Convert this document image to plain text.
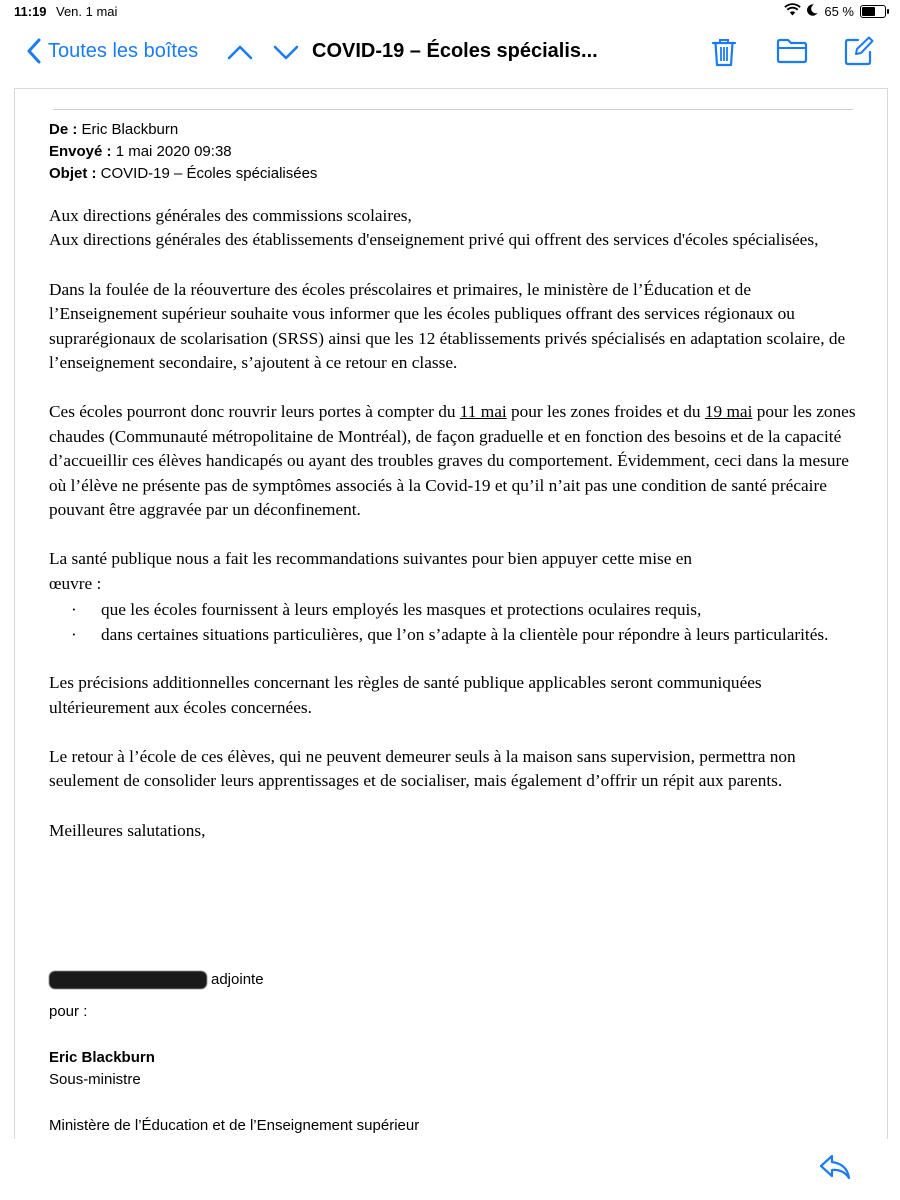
11:19 Ven. 1 mai	65 %
Toutes les boîtes	COVID-19 – Écoles spécialis...
De : Eric Blackburn
Envoyé : 1 mai 2020 09:38
Objet : COVID-19 – Écoles spécialisées

Aux directions générales des commissions scolaires,
Aux directions générales des établissements d'enseignement privé qui offrent des services d'écoles spécialisées,

Dans la foulée de la réouverture des écoles préscolaires et primaires, le ministère de l’Éducation et de l’Enseignement supérieur souhaite vous informer que les écoles publiques offrant des services régionaux ou suprarégionaux de scolarisation (SRSS) ainsi que les 12 établissements privés spécialisés en adaptation scolaire, de l’enseignement secondaire, s’ajoutent à ce retour en classe.

Ces écoles pourront donc rouvrir leurs portes à compter du 11 mai pour les zones froides et du 19 mai pour les zones chaudes (Communauté métropolitaine de Montréal), de façon graduelle et en fonction des besoins et de la capacité d’accueillir ces élèves handicapés ou ayant des troubles graves du comportement. Évidemment, ceci dans la mesure où l’élève ne présente pas de symptômes associés à la Covid-19 et qu’il n’ait pas une condition de santé précaire pouvant être aggravée par un déconfinement.

La santé publique nous a fait les recommandations suivantes pour bien appuyer cette mise en
œuvre :
· que les écoles fournissent à leurs employés les masques et protections oculaires requis,
· dans certaines situations particulières, que l’on s’adapte à la clientèle pour répondre à leurs particularités.

Les précisions additionnelles concernant les règles de santé publique applicables seront communiquées ultérieurement aux écoles concernées.

Le retour à l’école de ces élèves, qui ne peuvent demeurer seuls à la maison sans supervision, permettra non seulement de consolider leurs apprentissages et de socialiser, mais également d’offrir un répit aux parents.

Meilleures salutations,

adjointe
pour :
Eric Blackburn
Sous-ministre
Ministère de l’Éducation et de l’Enseignement supérieur
